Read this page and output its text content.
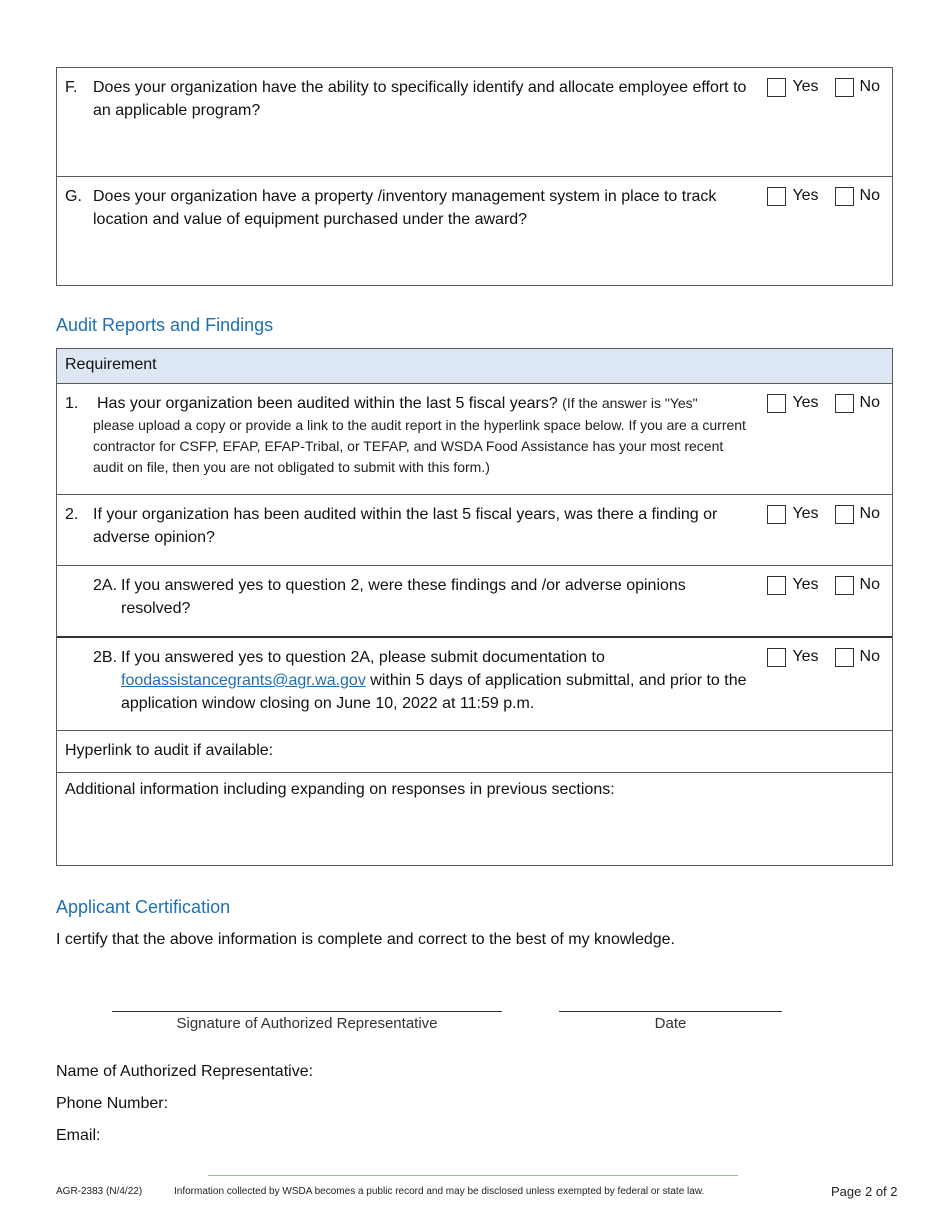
F. Does your organization have the ability to specifically identify and allocate employee effort to an applicable program?
Yes	No
G. Does your organization have a property /inventory management system in place to track location and value of equipment purchased under the award?
Yes	No
Audit Reports and Findings
Requirement
1. Has your organization been audited within the last 5 fiscal years? (If the answer is "Yes"
please upload a copy or provide a link to the audit report in the hyperlink space below. If you are a current contractor for CSFP, EFAP, EFAP-Tribal, or TEFAP, and WSDA Food Assistance has your most recent audit on file, then you are not obligated to submit with this form.)
Yes	No
2. If your organization has been audited within the last 5 fiscal years, was there a finding or adverse opinion?
Yes	No
2A. If you answered yes to question 2, were these findings and /or adverse opinions resolved?
Yes	No
2B. If you answered yes to question 2A, please submit documentation to foodassistancegrants@agr.wa.gov within 5 days of application submittal, and prior to the application window closing on June 10, 2022 at 11:59 p.m.
Yes	No
Hyperlink to audit if available:
Additional information including expanding on responses in previous sections:
Applicant Certification
I certify that the above information is complete and correct to the best of my knowledge.
Signature of Authorized Representative	Date
Name of Authorized Representative:
Phone Number:
Email:
AGR-2383 (N/4/22)	Information collected by WSDA becomes a public record and may be disclosed unless exempted by federal or state law.	Page 2 of 2
